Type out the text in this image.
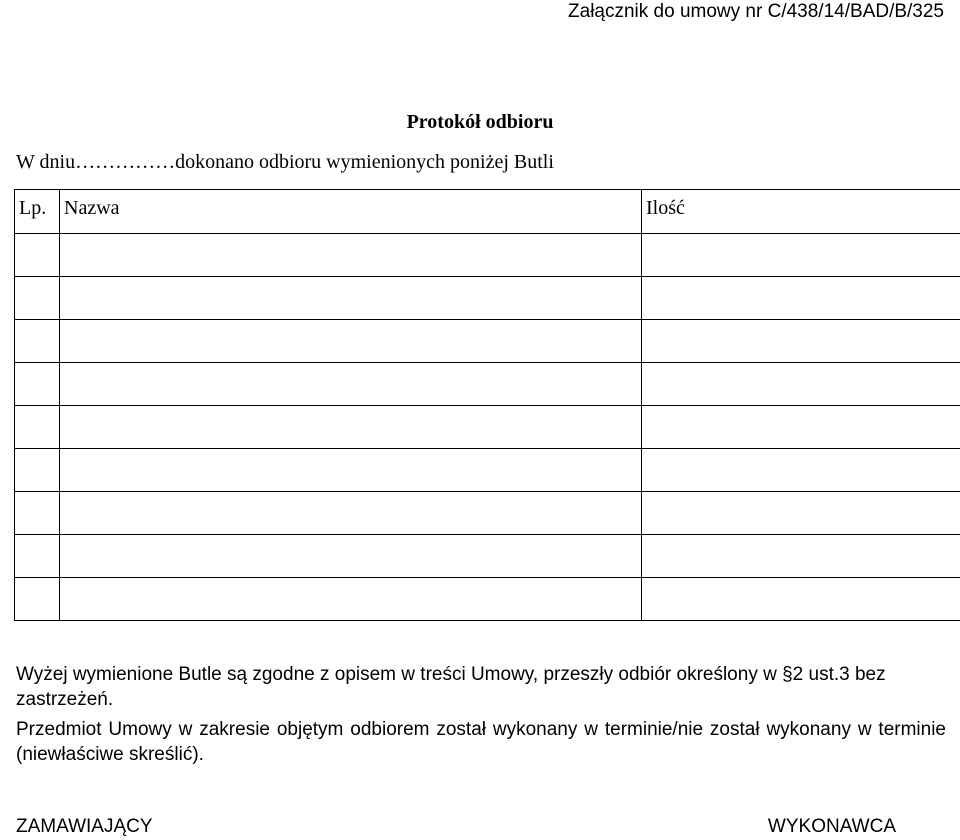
Załącznik do umowy nr C/438/14/BAD/B/325
Protokół odbioru
W dniu……………dokonano odbioru wymienionych poniżej Butli
Lp.	Nazwa	Ilość

Wyżej wymienione Butle są zgodne z opisem w treści Umowy, przeszły odbiór określony w §2 ust.3 bez zastrzeżeń.
Przedmiot Umowy w zakresie objętym odbiorem został wykonany w terminie/nie został wykonany w terminie (niewłaściwe skreślić).
ZAMAWIAJĄCY	WYKONAWCA
